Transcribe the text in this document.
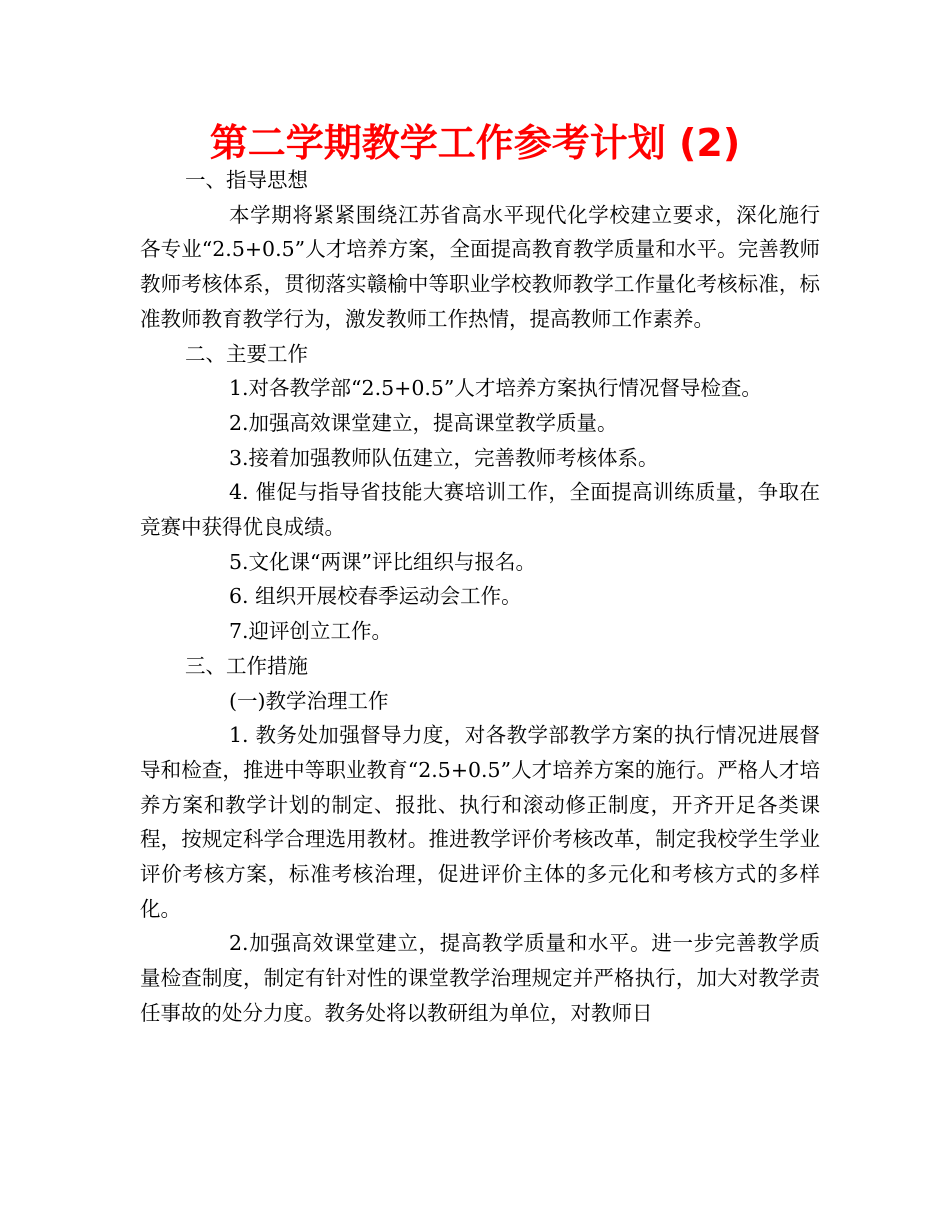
第二学期教学工作参考计划 (2)

一、指导思想

本学期将紧紧围绕江苏省高水平现代化学校建立要求，深化施行各专业“2.5+0.5”人才培养方案，全面提高教育教学质量和水平。完善教师教师考核体系，贯彻落实赣榆中等职业学校教师教学工作量化考核标准，标准教师教育教学行为，激发教师工作热情，提高教师工作素养。

二、主要工作

1.对各教学部“2.5+0.5”人才培养方案执行情况督导检查。

2.加强高效课堂建立，提高课堂教学质量。

3.接着加强教师队伍建立，完善教师考核体系。

4. 催促与指导省技能大赛培训工作，全面提高训练质量，争取在竞赛中获得优良成绩。

5.文化课“两课”评比组织与报名。

6. 组织开展校春季运动会工作。

7.迎评创立工作。

三、工作措施

(一)教学治理工作

1. 教务处加强督导力度，对各教学部教学方案的执行情况进展督导和检查，推进中等职业教育“2.5+0.5”人才培养方案的施行。严格人才培养方案和教学计划的制定、报批、执行和滚动修正制度，开齐开足各类课程，按规定科学合理选用教材。推进教学评价考核改革，制定我校学生学业评价考核方案，标准考核治理，促进评价主体的多元化和考核方式的多样化。

2.加强高效课堂建立，提高教学质量和水平。进一步完善教学质量检查制度，制定有针对性的课堂教学治理规定并严格执行，加大对教学责任事故的处分力度。教务处将以教研组为单位，对教师日
